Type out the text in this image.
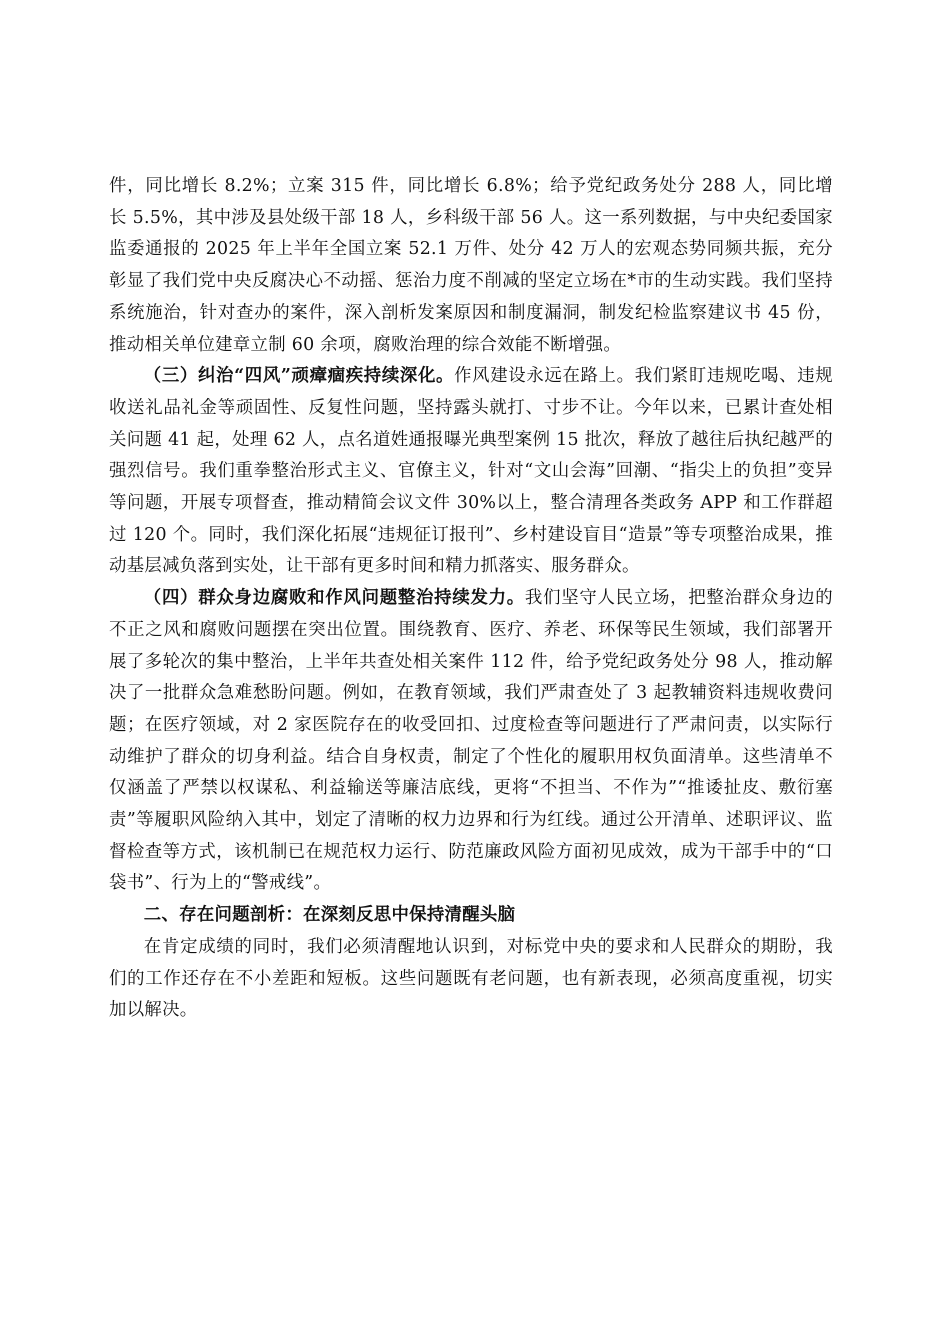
件，同比增长 8.2%；立案 315 件，同比增长 6.8%；给予党纪政务处分 288 人，同比增长 5.5%，其中涉及县处级干部 18 人，乡科级干部 56 人。这一系列数据，与中央纪委国家监委通报的 2025 年上半年全国立案 52.1 万件、处分 42 万人的宏观态势同频共振，充分彰显了我们党中央反腐决心不动摇、惩治力度不削减的坚定立场在*市的生动实践。我们坚持系统施治，针对查办的案件，深入剖析发案原因和制度漏洞，制发纪检监察建议书 45 份，推动相关单位建章立制 60 余项，腐败治理的综合效能不断增强。

（三）纠治“四风”顽瘴痼疾持续深化。作风建设永远在路上。我们紧盯违规吃喝、违规收送礼品礼金等顽固性、反复性问题，坚持露头就打、寸步不让。今年以来，已累计查处相关问题 41 起，处理 62 人，点名道姓通报曝光典型案例 15 批次，释放了越往后执纪越严的强烈信号。我们重拳整治形式主义、官僚主义，针对“文山会海”回潮、“指尖上的负担”变异等问题，开展专项督查，推动精简会议文件 30%以上，整合清理各类政务 APP 和工作群超过 120 个。同时，我们深化拓展“违规征订报刊”、乡村建设盲目“造景”等专项整治成果，推动基层减负落到实处，让干部有更多时间和精力抓落实、服务群众。

（四）群众身边腐败和作风问题整治持续发力。我们坚守人民立场，把整治群众身边的不正之风和腐败问题摆在突出位置。围绕教育、医疗、养老、环保等民生领域，我们部署开展了多轮次的集中整治，上半年共查处相关案件 112 件，给予党纪政务处分 98 人，推动解决了一批群众急难愁盼问题。例如，在教育领域，我们严肃查处了 3 起教辅资料违规收费问题；在医疗领域，对 2 家医院存在的收受回扣、过度检查等问题进行了严肃问责，以实际行动维护了群众的切身利益。结合自身权责，制定了个性化的履职用权负面清单。这些清单不仅涵盖了严禁以权谋私、利益输送等廉洁底线，更将“不担当、不作为”“推诿扯皮、敷衍塞责”等履职风险纳入其中，划定了清晰的权力边界和行为红线。通过公开清单、述职评议、监督检查等方式，该机制已在规范权力运行、防范廉政风险方面初见成效，成为干部手中的“口袋书”、行为上的“警戒线”。

二、存在问题剖析：在深刻反思中保持清醒头脑

在肯定成绩的同时，我们必须清醒地认识到，对标党中央的要求和人民群众的期盼，我们的工作还存在不小差距和短板。这些问题既有老问题，也有新表现，必须高度重视，切实加以解决。
